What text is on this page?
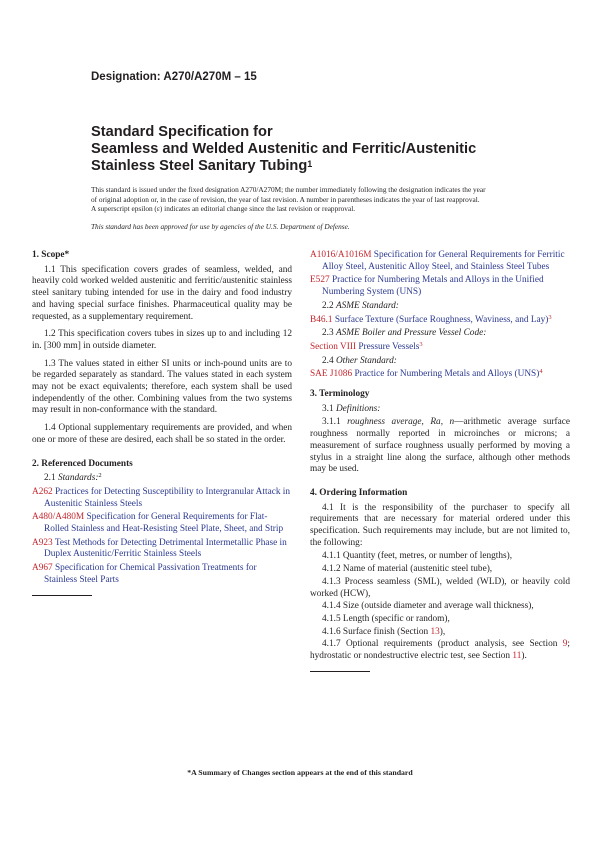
Designation: A270/A270M – 15
Standard Specification for
Seamless and Welded Austenitic and Ferritic/Austenitic
Stainless Steel Sanitary Tubing$^1$

This standard is issued under the fixed designation A270/A270M; the number immediately following the designation indicates the year

of original adoption or, in the case of revision, the year of last revision. A number in parentheses indicates the year of last reapproval.

A superscript epsilon (ε) indicates an editorial change since the last revision or reapproval.

This standard has been approved for use by agencies of the U.S. Department of Defense.
1. Scope*

1.1 This specification covers grades of seamless, welded, and heavily cold worked welded austenitic and ferritic/austenitic stainless steel sanitary tubing intended for use in the dairy and food industry and having special surface finishes. Pharmaceutical quality may be requested, as a supplementary requirement.

1.2 This specification covers tubes in sizes up to and including 12 in. [300 mm] in outside diameter.

1.3 The values stated in either SI units or inch-pound units are to be regarded separately as standard. The values stated in each system may not be exact equivalents; therefore, each system shall be used independently of the other. Combining values from the two systems may result in non-conformance with the standard.

1.4 Optional supplementary requirements are provided, and when one or more of these are desired, each shall be so stated in the order.

2. Referenced Documents

2.1 Standards:$^2$

A262 Practices for Detecting Susceptibility to Intergranular Attack in Austenitic Stainless Steels
A480/A480M Specification for General Requirements for Flat-Rolled Stainless and Heat-Resisting Steel Plate, Sheet, and Strip
A923 Test Methods for Detecting Detrimental Intermetallic Phase in Duplex Austenitic/Ferritic Stainless Steels
A967 Specification for Chemical Passivation Treatments for Stainless Steel Parts
A1016/A1016M Specification for General Requirements for Ferritic Alloy Steel, Austenitic Alloy Steel, and Stainless Steel Tubes
E527 Practice for Numbering Metals and Alloys in the Unified Numbering System (UNS)

2.2 ASME Standard:

B46.1 Surface Texture (Surface Roughness, Waviness, and Lay)$^3$

2.3 ASME Boiler and Pressure Vessel Code:

Section VIII Pressure Vessels$^3$

2.4 Other Standard:

SAE J1086 Practice for Numbering Metals and Alloys (UNS)$^4$
3. Terminology

3.1 Definitions:

3.1.1 roughness average, Ra, n—arithmetic average surface roughness normally reported in microinches or microns; a measurement of surface roughness usually performed by moving a stylus in a straight line along the surface, although other methods may be used.

4. Ordering Information

4.1 It is the responsibility of the purchaser to specify all requirements that are necessary for material ordered under this specification. Such requirements may include, but are not limited to, the following:

4.1.1 Quantity (feet, metres, or number of lengths),

4.1.2 Name of material (austenitic steel tube),

4.1.3 Process seamless (SML), welded (WLD), or heavily cold worked (HCW),

4.1.4 Size (outside diameter and average wall thickness),

4.1.5 Length (specific or random),

4.1.6 Surface finish (Section 13),

4.1.7 Optional requirements (product analysis, see Section 9; hydrostatic or nondestructive electric test, see Section 11).

*A Summary of Changes section appears at the end of this standard
